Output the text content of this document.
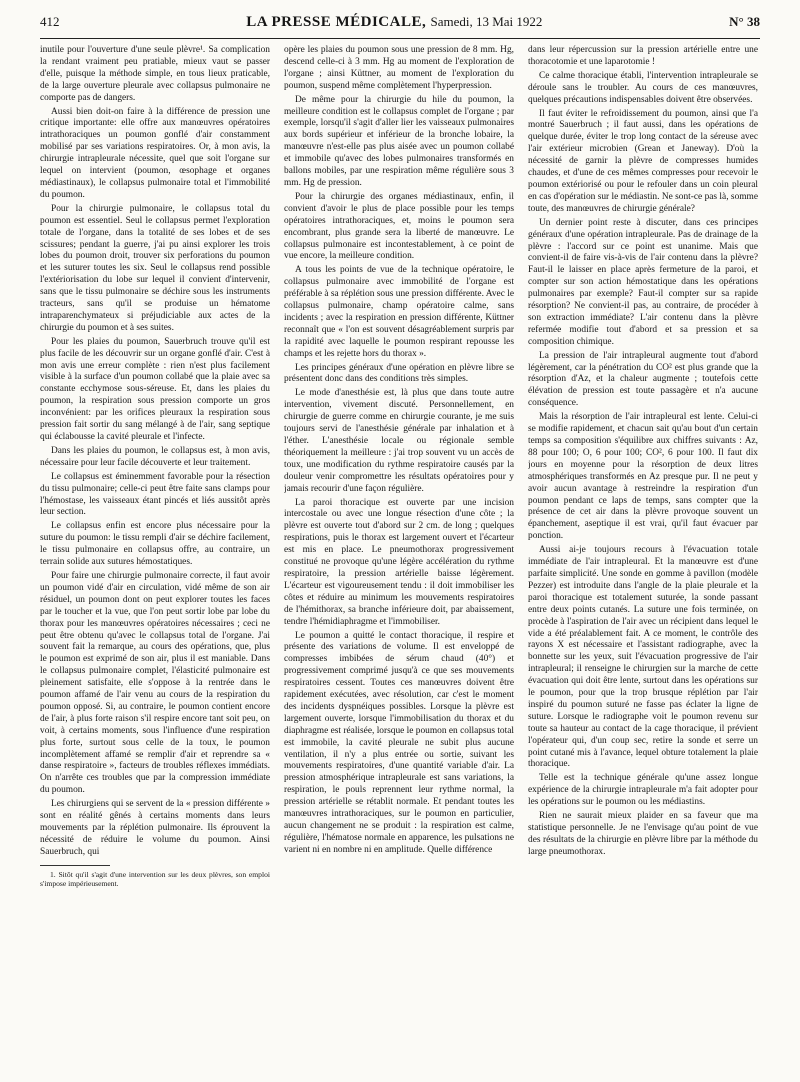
412	LA PRESSE MÉDICALE, Samedi, 13 Mai 1922	N° 38

inutile pour l'ouverture d'une seule plèvre¹. Sa complication la rendant vraiment peu pratiable, mieux vaut se passer d'elle, puisque la méthode simple, en tous lieux praticable, de la large ouverture pleurale avec collapsus pulmonaire ne comporte pas de dangers.

Aussi bien doit-on faire à la différence de pression une critique importante: elle offre aux manœuvres opératoires intrathoraciques un poumon gonflé d'air constamment mobilisé par ses variations respiratoires. Or, à mon avis, la chirurgie intrapleurale nécessite, quel que soit l'organe sur lequel on intervient (poumon, œsophage et organes médiastinaux), le collapsus pulmonaire total et l'immobilité du poumon.

Pour la chirurgie pulmonaire, le collapsus total du poumon est essentiel. Seul le collapsus permet l'exploration totale de l'organe, dans la totalité de ses lobes et de ses scissures; pendant la guerre, j'ai pu ainsi explorer les trois lobes du poumon droit, trouver six perforations du poumon et les suturer toutes les six. Seul le collapsus rend possible l'extériorisation du lobe sur lequel il convient d'intervenir, sans que le tissu pulmonaire se déchire sous les instruments tracteurs, sans qu'il se produise un hématome intraparenchymateux si préjudiciable aux actes de la chirurgie du poumon et à ses suites.

Pour les plaies du poumon, Sauerbruch trouve qu'il est plus facile de les découvrir sur un organe gonflé d'air. C'est à mon avis une erreur complète : rien n'est plus facilement visible à la surface d'un poumon collabé que la plaie avec sa constante ecchymose sous-séreuse. Et, dans les plaies du poumon, la respiration sous pression comporte un gros inconvénient: par les orifices pleuraux la respiration sous pression fait sortir du sang mélangé à de l'air, sang septique qui éclabousse la cavité pleurale et l'infecte.

Dans les plaies du poumon, le collapsus est, à mon avis, nécessaire pour leur facile découverte et leur traitement.

Le collapsus est éminemment favorable pour la résection du tissu pulmonaire; celle-ci peut être faite sans clamps pour l'hémostase, les vaisseaux étant pincés et liés aussitôt après leur section.

Le collapsus enfin est encore plus nécessaire pour la suture du poumon: le tissu rempli d'air se déchire facilement, le tissu pulmonaire en collapsus offre, au contraire, un terrain solide aux sutures hémostatiques.

Pour faire une chirurgie pulmonaire correcte, il faut avoir un poumon vidé d'air en circulation, vidé même de son air résiduel, un poumon dont on peut explorer toutes les faces par le toucher et la vue, que l'on peut sortir lobe par lobe du thorax pour les manœuvres opératoires nécessaires ; ceci ne peut être obtenu qu'avec le collapsus total de l'organe. J'ai souvent fait la remarque, au cours des opérations, que, plus le poumon est exprimé de son air, plus il est maniable. Dans le collapsus pulmonaire complet, l'élasticité pulmonaire est pleinement satisfaite, elle s'oppose à la rentrée dans le poumon affamé de l'air venu au cours de la respiration du poumon opposé. Si, au contraire, le poumon contient encore de l'air, à plus forte raison s'il respire encore tant soit peu, on voit, à certains moments, sous l'influence d'une respiration plus forte, surtout sous celle de la toux, le poumon incomplètement affamé se remplir d'air et reprendre sa « danse respiratoire », facteurs de troubles réflexes immédiats. On n'arrête ces troubles que par la compression immédiate du poumon.

Les chirurgiens qui se servent de la « pression différente » sont en réalité gênés à certains moments dans leurs mouvements par la réplétion pulmonaire. Ils éprouvent la nécessité de réduire le volume du poumon. Ainsi Sauerbruch, qui

1. Sitôt qu'il s'agit d'une intervention sur les deux plèvres, son emploi s'impose impérieusement.

opère les plaies du poumon sous une pression de 8 mm. Hg, descend celle-ci à 3 mm. Hg au moment de l'exploration de l'organe ; ainsi Küttner, au moment de l'exploration du poumon, suspend même complètement l'hyperpression.

De même pour la chirurgie du hile du poumon, la meilleure condition est le collapsus complet de l'organe ; par exemple, lorsqu'il s'agit d'aller lier les vaisseaux pulmonaires aux bords supérieur et inférieur de la bronche lobaire, la manœuvre n'est-elle pas plus aisée avec un poumon collabé et immobile qu'avec des lobes pulmonaires transformés en ballons mobiles, par une respiration même régulière sous 3 mm. Hg de pression.

Pour la chirurgie des organes médiastinaux, enfin, il convient d'avoir le plus de place possible pour les temps opératoires intrathoraciques, et, moins le poumon sera encombrant, plus grande sera la liberté de manœuvre. Le collapsus pulmonaire est incontestablement, à ce point de vue encore, la meilleure condition.

A tous les points de vue de la technique opératoire, le collapsus pulmonaire avec immobilité de l'organe est préférable à sa réplétion sous une pression différente. Avec le collapsus pulmonaire, champ opératoire calme, sans incidents ; avec la respiration en pression différente, Küttner reconnaît que « l'on est souvent désagréablement surpris par la rapidité avec laquelle le poumon respirant repousse les champs et les rejette hors du thorax ».

Les principes généraux d'une opération en plèvre libre se présentent donc dans des conditions très simples.

Le mode d'anesthésie est, là plus que dans toute autre intervention, vivement discuté. Personnellement, en chirurgie de guerre comme en chirurgie courante, je me suis toujours servi de l'anesthésie générale par inhalation et à l'éther. L'anesthésie locale ou régionale semble théoriquement la meilleure : j'ai trop souvent vu un accès de toux, une modification du rythme respiratoire causés par la douleur venir compromettre les résultats opératoires pour y jamais recourir d'une façon régulière.

La paroi thoracique est ouverte par une incision intercostale ou avec une longue résection d'une côte ; la plèvre est ouverte tout d'abord sur 2 cm. de long ; quelques respirations, puis le thorax est largement ouvert et l'écarteur est mis en place. Le pneumothorax progressivement constitué ne provoque qu'une légère accélération du rythme respiratoire, la pression artérielle baisse légèrement. L'écarteur est vigoureusement tendu : il doit immobiliser les côtes et réduire au minimum les mouvements respiratoires de l'hémithorax, sa branche inférieure doit, par abaissement, tendre l'hémidiaphragme et l'immobiliser.

Le poumon a quitté le contact thoracique, il respire et présente des variations de volume. Il est enveloppé de compresses imbibées de sérum chaud (40°) et progressivement comprimé jusqu'à ce que ses mouvements respiratoires cessent. Toutes ces manœuvres doivent être rapidement exécutées, avec résolution, car c'est le moment des incidents dyspnéiques possibles. Lorsque la plèvre est largement ouverte, lorsque l'immobilisation du thorax et du diaphragme est réalisée, lorsque le poumon en collapsus total est immobile, la cavité pleurale ne subit plus aucune ventilation, il n'y a plus entrée ou sortie, suivant les mouvements respiratoires, d'une quantité variable d'air. La pression atmosphérique intrapleurale est sans variations, la respiration, le pouls reprennent leur rythme normal, la pression artérielle se rétablit normale. Et pendant toutes les manœuvres intrathoraciques, sur le poumon en particulier, aucun changement ne se produit : la respiration est calme, régulière, l'hématose normale en apparence, les pulsations ne varient ni en nombre ni en amplitude. Quelle différence

dans leur répercussion sur la pression artérielle entre une thoracotomie et une laparotomie !

Ce calme thoracique établi, l'intervention intrapleurale se déroule sans le troubler. Au cours de ces manœuvres, quelques précautions indispensables doivent être observées.

Il faut éviter le refroidissement du poumon, ainsi que l'a montré Sauerbruch ; il faut aussi, dans les opérations de quelque durée, éviter le trop long contact de la séreuse avec l'air extérieur microbien (Grean et Janeway). D'où la nécessité de garnir la plèvre de compresses humides chaudes, et d'une de ces mêmes compresses pour recevoir le poumon extériorisé ou pour le refouler dans un coin pleural en cas d'opération sur le médiastin. Ne sont-ce pas là, somme toute, des manœuvres de chirurgie générale?

Un dernier point reste à discuter, dans ces principes généraux d'une opération intrapleurale. Pas de drainage de la plèvre : l'accord sur ce point est unanime. Mais que convient-il de faire vis-à-vis de l'air contenu dans la plèvre? Faut-il le laisser en place après fermeture de la paroi, et compter sur son action hémostatique dans les opérations pulmonaires par exemple? Faut-il compter sur sa rapide résorption? Ne convient-il pas, au contraire, de procéder à son extraction immédiate? L'air contenu dans la plèvre refermée modifie tout d'abord et sa pression et sa composition chimique.

La pression de l'air intrapleural augmente tout d'abord légèrement, car la pénétration du CO² est plus grande que la résorption d'Az, et la chaleur augmente ; toutefois cette élévation de pression est toute passagère et n'a aucune conséquence.

Mais la résorption de l'air intrapleural est lente. Celui-ci se modifie rapidement, et chacun sait qu'au bout d'un certain temps sa composition s'équilibre aux chiffres suivants : Az, 88 pour 100; O, 6 pour 100; CO², 6 pour 100. Il faut dix jours en moyenne pour la résorption de deux litres atmosphériques transformés en Az presque pur. Il ne peut y avoir aucun avantage à restreindre la respiration d'un poumon pendant ce laps de temps, sans compter que la présence de cet air dans la plèvre provoque souvent un épanchement, aseptique il est vrai, qu'il faut évacuer par ponction.

Aussi ai-je toujours recours à l'évacuation totale immédiate de l'air intrapleural. Et la manœuvre est d'une parfaite simplicité. Une sonde en gomme à pavillon (modèle Pezzer) est introduite dans l'angle de la plaie pleurale et la paroi thoracique est totalement suturée, la sonde passant entre deux points cutanés. La suture une fois terminée, on procède à l'aspiration de l'air avec un récipient dans lequel le vide a été préalablement fait. A ce moment, le contrôle des rayons X est nécessaire et l'assistant radiographe, avec la bonnette sur les yeux, suit l'évacuation progressive de l'air intrapleural; il renseigne le chirurgien sur la marche de cette évacuation qui doit être lente, surtout dans les opérations sur le poumon, pour que la trop brusque réplétion par l'air inspiré du poumon suturé ne fasse pas éclater la ligne de suture. Lorsque le radiographe voit le poumon revenu sur toute sa hauteur au contact de la cage thoracique, il prévient l'opérateur qui, d'un coup sec, retire la sonde et serre un point cutané mis à l'avance, lequel obture totalement la plaie thoracique.

Telle est la technique générale qu'une assez longue expérience de la chirurgie intrapleurale m'a fait adopter pour les opérations sur le poumon ou les médiastins.

Rien ne saurait mieux plaider en sa faveur que ma statistique personnelle. Je ne l'envisage qu'au point de vue des résultats de la chirurgie en plèvre libre par la méthode du large pneumothorax.
